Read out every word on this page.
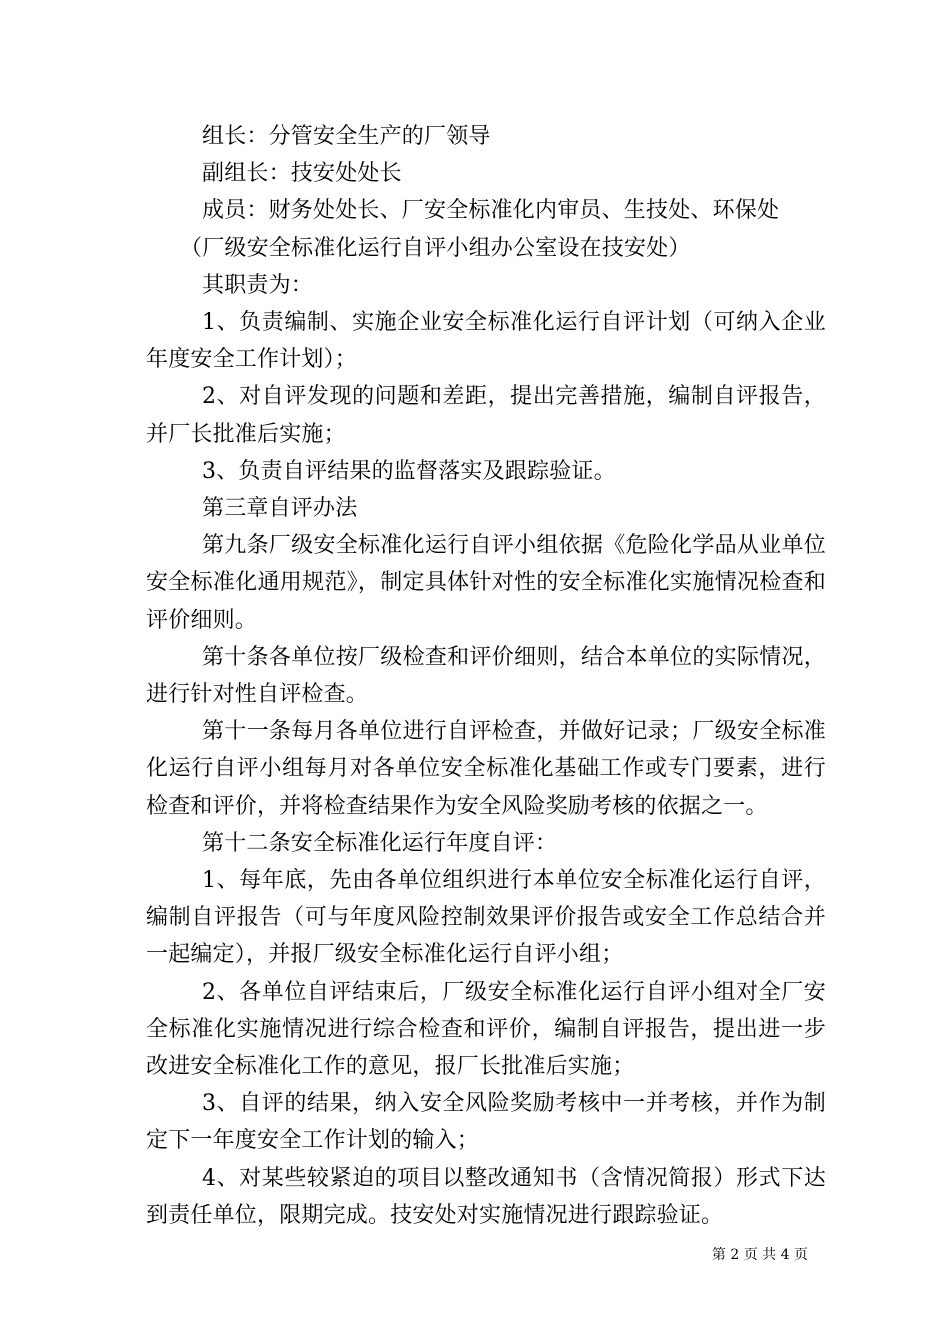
组长：分管安全生产的厂领导

副组长：技安处处长

成员：财务处处长、厂安全标准化内审员、生技处、环保处

（厂级安全标准化运行自评小组办公室设在技安处）

其职责为：

1、负责编制、实施企业安全标准化运行自评计划（可纳入企业年度安全工作计划）；

2、对自评发现的问题和差距，提出完善措施，编制自评报告，并厂长批准后实施；

3、负责自评结果的监督落实及跟踪验证。

第三章自评办法

第九条厂级安全标准化运行自评小组依据《危险化学品从业单位安全标准化通用规范》，制定具体针对性的安全标准化实施情况检查和评价细则。

第十条各单位按厂级检查和评价细则，结合本单位的实际情况，进行针对性自评检查。

第十一条每月各单位进行自评检查，并做好记录；厂级安全标准化运行自评小组每月对各单位安全标准化基础工作或专门要素，进行检查和评价，并将检查结果作为安全风险奖励考核的依据之一。

第十二条安全标准化运行年度自评：

1、每年底，先由各单位组织进行本单位安全标准化运行自评，编制自评报告（可与年度风险控制效果评价报告或安全工作总结合并一起编定），并报厂级安全标准化运行自评小组；

2、各单位自评结束后，厂级安全标准化运行自评小组对全厂安全标准化实施情况进行综合检查和评价，编制自评报告，提出进一步改进安全标准化工作的意见，报厂长批准后实施；

3、自评的结果，纳入安全风险奖励考核中一并考核，并作为制定下一年度安全工作计划的输入；

4、对某些较紧迫的项目以整改通知书（含情况简报）形式下达到责任单位，限期完成。技安处对实施情况进行跟踪验证。

第 2 页 共 4 页
